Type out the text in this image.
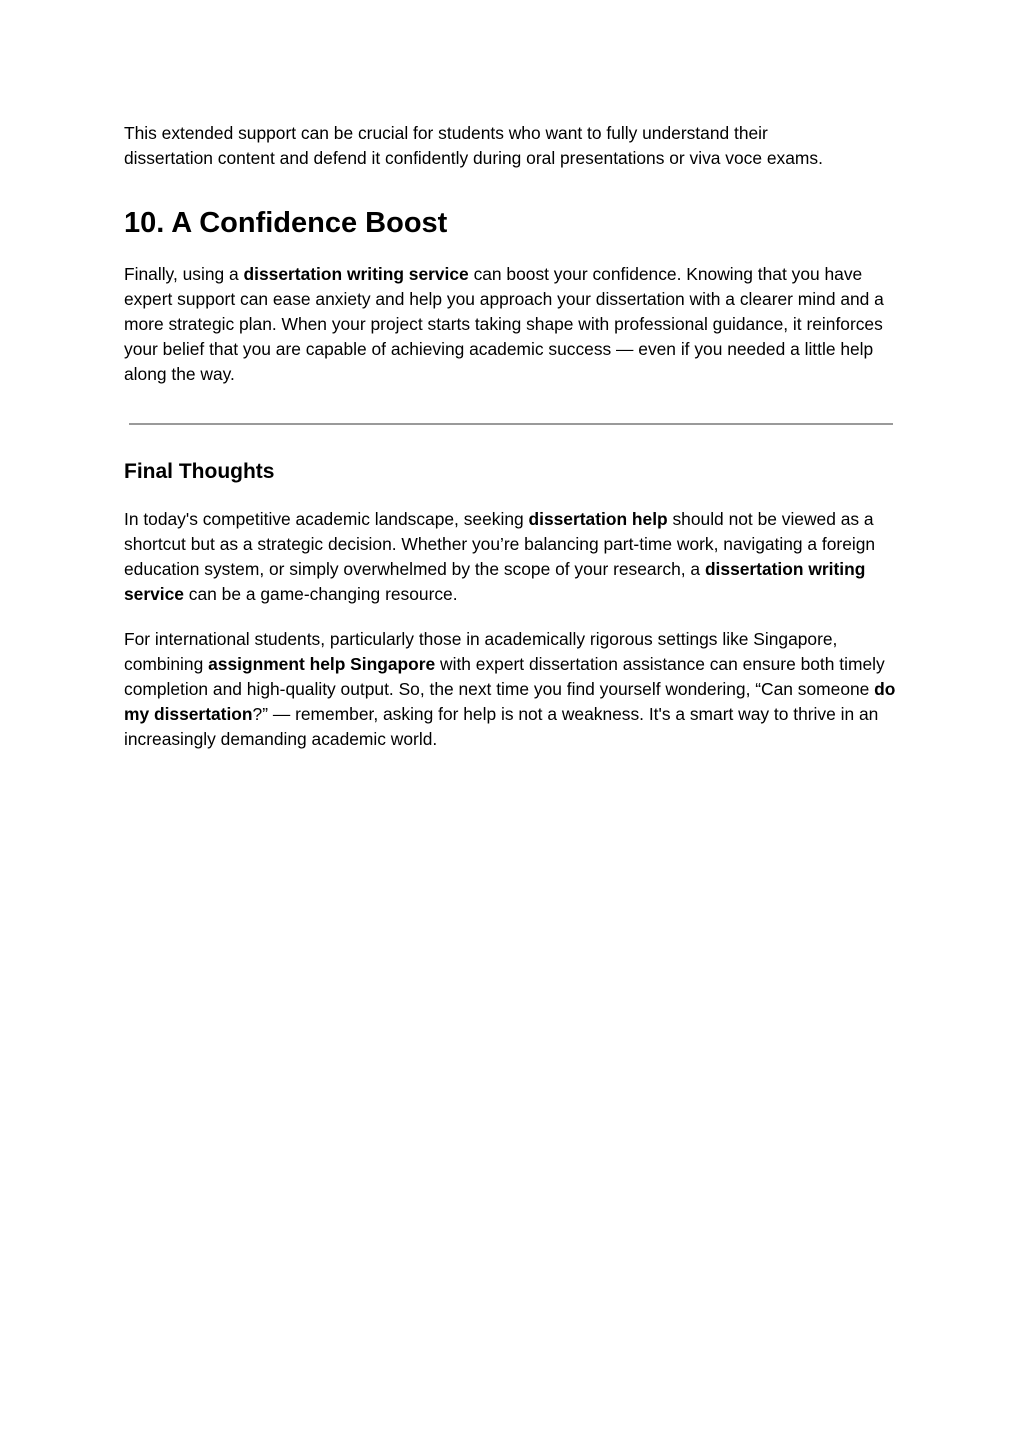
This extended support can be crucial for students who want to fully understand their
dissertation content and defend it confidently during oral presentations or viva voce exams.

10. A Confidence Boost

Finally, using a dissertation writing service can boost your confidence. Knowing that you have expert support can ease anxiety and help you approach your dissertation with a clearer mind and a more strategic plan. When your project starts taking shape with professional guidance, it reinforces your belief that you are capable of achieving academic success — even if you needed a little help along the way.

Final Thoughts

In today's competitive academic landscape, seeking dissertation help should not be viewed as a shortcut but as a strategic decision. Whether you’re balancing part-time work, navigating a foreign education system, or simply overwhelmed by the scope of your research, a dissertation writing service can be a game-changing resource.

For international students, particularly those in academically rigorous settings like Singapore, combining assignment help Singapore with expert dissertation assistance can ensure both timely completion and high-quality output. So, the next time you find yourself wondering, “Can someone do my dissertation?” — remember, asking for help is not a weakness. It's a smart way to thrive in an increasingly demanding academic world.
